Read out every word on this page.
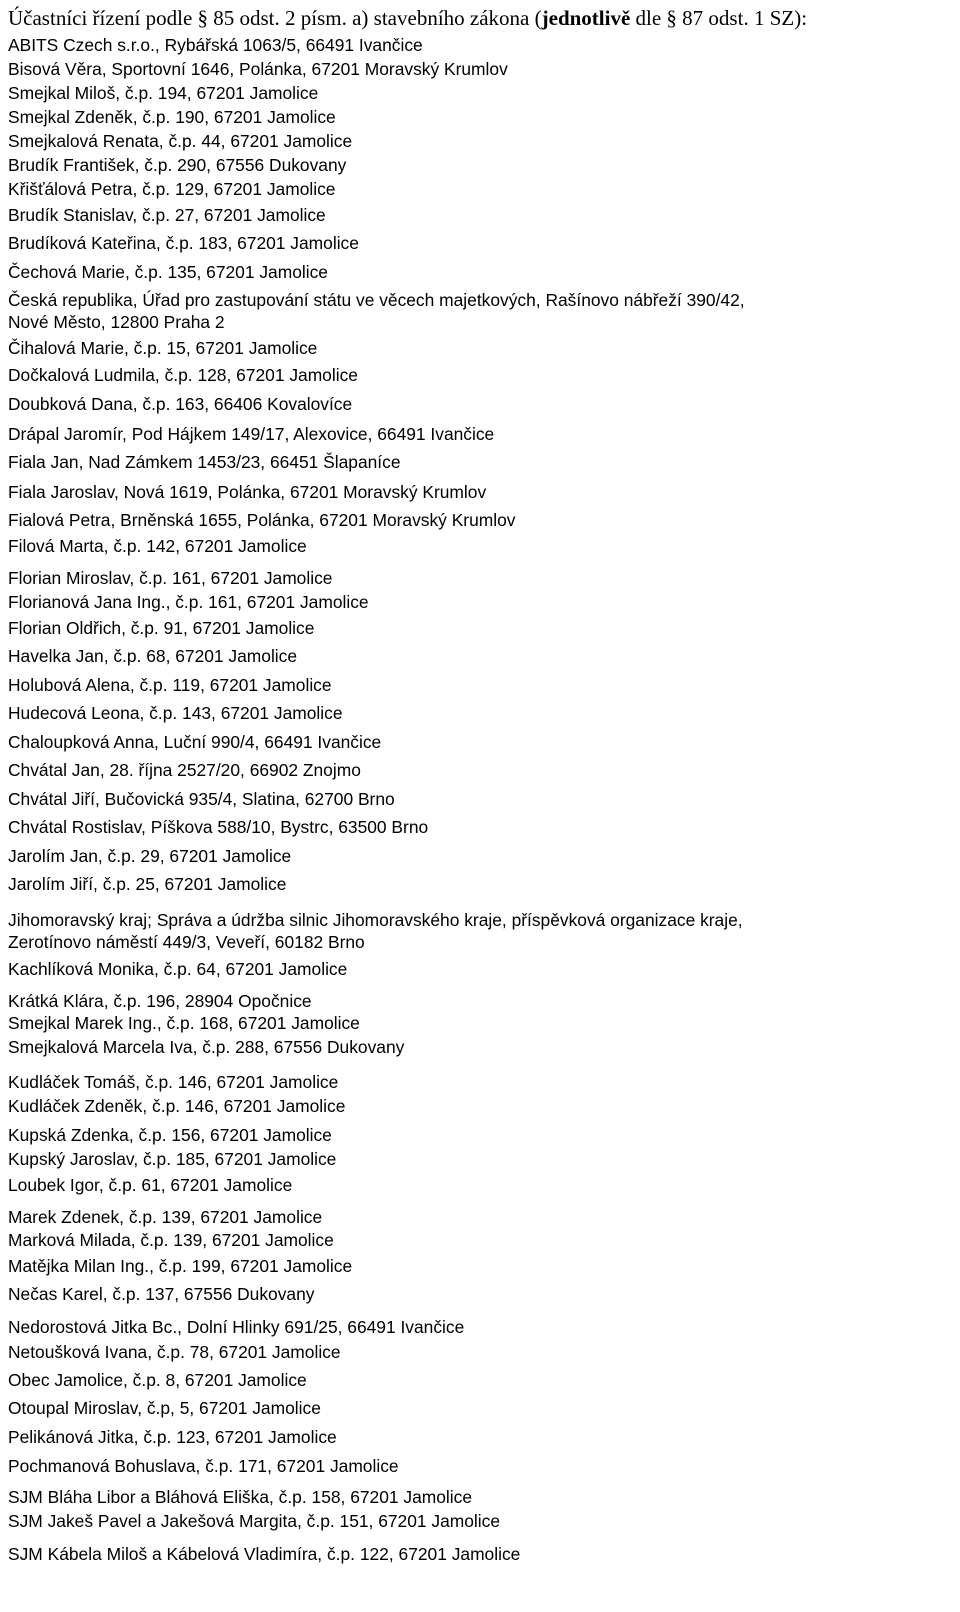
Účastníci řízení podle § 85 odst. 2 písm. a) stavebního zákona (jednotlivě dle § 87 odst. 1 SZ):
ABITS Czech s.r.o., Rybářská 1063/5, 66491 Ivančice
Bisová Věra, Sportovní 1646, Polánka, 67201 Moravský Krumlov
Smejkal Miloš, č.p. 194, 67201 Jamolice
Smejkal Zdeněk, č.p. 190, 67201 Jamolice
Smejkalová Renata, č.p. 44, 67201 Jamolice
Brudík František, č.p. 290, 67556 Dukovany
Křišťálová Petra, č.p. 129, 67201 Jamolice
Brudík Stanislav, č.p. 27, 67201 Jamolice
Brudíková Kateřina, č.p. 183, 67201 Jamolice
Čechová Marie, č.p. 135, 67201 Jamolice
Česká republika, Úřad pro zastupování státu ve věcech majetkových, Rašínovo nábřeží 390/42,
Nové Město, 12800 Praha 2
Čihalová Marie, č.p. 15, 67201 Jamolice
Dočkalová Ludmila, č.p. 128, 67201 Jamolice
Doubková Dana, č.p. 163, 66406 Kovalovíce
Drápal Jaromír, Pod Hájkem 149/17, Alexovice, 66491 Ivančice
Fiala Jan, Nad Zámkem 1453/23, 66451 Šlapaníce
Fiala Jaroslav, Nová 1619, Polánka, 67201 Moravský Krumlov
Fialová Petra, Brněnská 1655, Polánka, 67201 Moravský Krumlov
Filová Marta, č.p. 142, 67201 Jamolice
Florian Miroslav, č.p. 161, 67201 Jamolice
Florianová Jana Ing., č.p. 161, 67201 Jamolice
Florian Oldřich, č.p. 91, 67201 Jamolice
Havelka Jan, č.p. 68, 67201 Jamolice
Holubová Alena, č.p. 119, 67201 Jamolice
Hudecová Leona, č.p. 143, 67201 Jamolice
Chaloupková Anna, Luční 990/4, 66491 Ivančice
Chvátal Jan, 28. října 2527/20, 66902 Znojmo
Chvátal Jiří, Bučovická 935/4, Slatina, 62700 Brno
Chvátal Rostislav, Píškova 588/10, Bystrc, 63500 Brno
Jarolím Jan, č.p. 29, 67201 Jamolice
Jarolím Jiří, č.p. 25, 67201 Jamolice
Jihomoravský kraj; Správa a údržba silnic Jihomoravského kraje, příspěvková organizace kraje,
Zerotínovo náměstí 449/3, Veveří, 60182 Brno
Kachlíková Monika, č.p. 64, 67201 Jamolice
Krátká Klára, č.p. 196, 28904 Opočnice
Smejkal Marek Ing., č.p. 168, 67201 Jamolice
Smejkalová Marcela Iva, č.p. 288, 67556 Dukovany
Kudláček Tomáš, č.p. 146, 67201 Jamolice
Kudláček Zdeněk, č.p. 146, 67201 Jamolice
Kupská Zdenka, č.p. 156, 67201 Jamolice
Kupský Jaroslav, č.p. 185, 67201 Jamolice
Loubek Igor, č.p. 61, 67201 Jamolice
Marek Zdenek, č.p. 139, 67201 Jamolice
Marková Milada, č.p. 139, 67201 Jamolice
Matějka Milan Ing., č.p. 199, 67201 Jamolice
Nečas Karel, č.p. 137, 67556 Dukovany
Nedorostová Jitka Bc., Dolní Hlinky 691/25, 66491 Ivančice
Netoušková Ivana, č.p. 78, 67201 Jamolice
Obec Jamolice, č.p. 8, 67201 Jamolice
Otoupal Miroslav, č.p, 5, 67201 Jamolice
Pelikánová Jitka, č.p. 123, 67201 Jamolice
Pochmanová Bohuslava, č.p. 171, 67201 Jamolice
SJM Bláha Libor a Bláhová Eliška, č.p. 158, 67201 Jamolice
SJM Jakeš Pavel a Jakešová Margita, č.p. 151, 67201 Jamolice
SJM Kábela Miloš a Kábelová Vladimíra, č.p. 122, 67201 Jamolice
